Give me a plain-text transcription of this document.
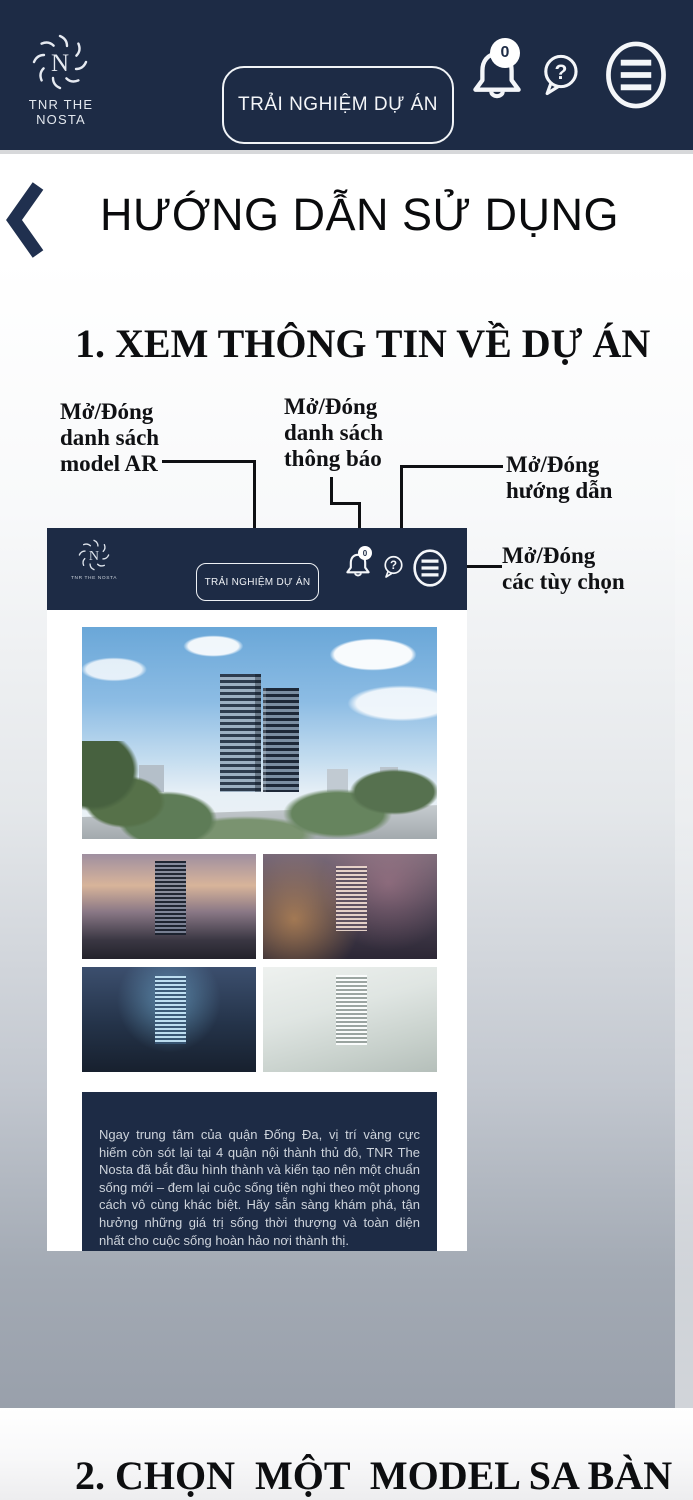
TNR THE NOSTA
TRẢI NGHIỆM DỰ ÁN
0
HƯỚNG DẪN SỬ DỤNG
1. XEM THÔNG TIN VỀ DỰ ÁN
Mở/Đóng
danh sách
model AR
Mở/Đóng
danh sách
thông báo	Mở/Đóng
hướng dẫn
Mở/Đóng
các tùy chọn
TNR THE NOSTA	TRẢI NGHIỆM DỰ ÁN
0

Ngay trung tâm của quận Đống Đa, vị trí vàng cực hiếm còn sót lại tại 4 quận nội thành thủ đô, TNR The Nosta đã bắt đầu hình thành và kiến tạo nên một chuẩn sống mới – đem lại cuộc sống tiện nghi theo một phong cách vô cùng khác biệt. Hãy sẵn sàng khám phá, tận hưởng những giá trị sống thời thượng và toàn diện nhất cho cuộc sống hoàn hảo nơi thành thị.

2. CHỌN  MỘT  MODEL SA BÀN
